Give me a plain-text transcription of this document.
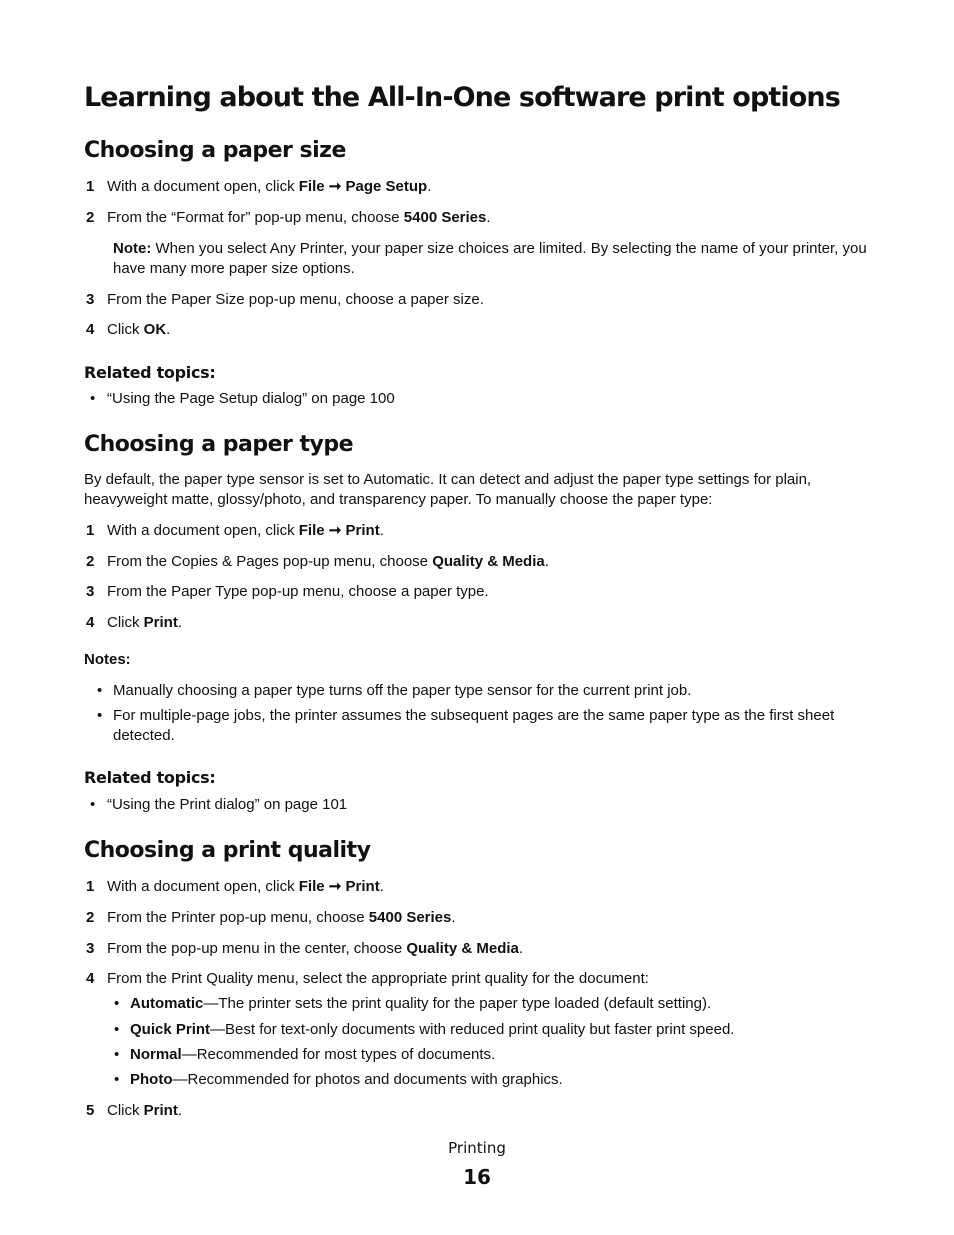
Learning about the All-In-One software print options
Choosing a paper size
1 With a document open, click File ➞ Page Setup.
2 From the “Format for” pop-up menu, choose 5400 Series.
Note: When you select Any Printer, your paper size choices are limited. By selecting the name of your printer, you have many more paper size options.
3 From the Paper Size pop-up menu, choose a paper size.
4 Click OK.
Related topics:
• “Using the Page Setup dialog” on page 100
Choosing a paper type
By default, the paper type sensor is set to Automatic. It can detect and adjust the paper type settings for plain, heavyweight matte, glossy/photo, and transparency paper. To manually choose the paper type:
1 With a document open, click File ➞ Print.
2 From the Copies & Pages pop-up menu, choose Quality & Media.
3 From the Paper Type pop-up menu, choose a paper type.
4 Click Print.
Notes:
• Manually choosing a paper type turns off the paper type sensor for the current print job.
• For multiple-page jobs, the printer assumes the subsequent pages are the same paper type as the first sheet detected.
Related topics:
• “Using the Print dialog” on page 101
Choosing a print quality
1 With a document open, click File ➞ Print.
2 From the Printer pop-up menu, choose 5400 Series.
3 From the pop-up menu in the center, choose Quality & Media.
4 From the Print Quality menu, select the appropriate print quality for the document:
• Automatic—The printer sets the print quality for the paper type loaded (default setting).
• Quick Print—Best for text-only documents with reduced print quality but faster print speed.
• Normal—Recommended for most types of documents.
• Photo—Recommended for photos and documents with graphics.
5 Click Print.
Printing
16
